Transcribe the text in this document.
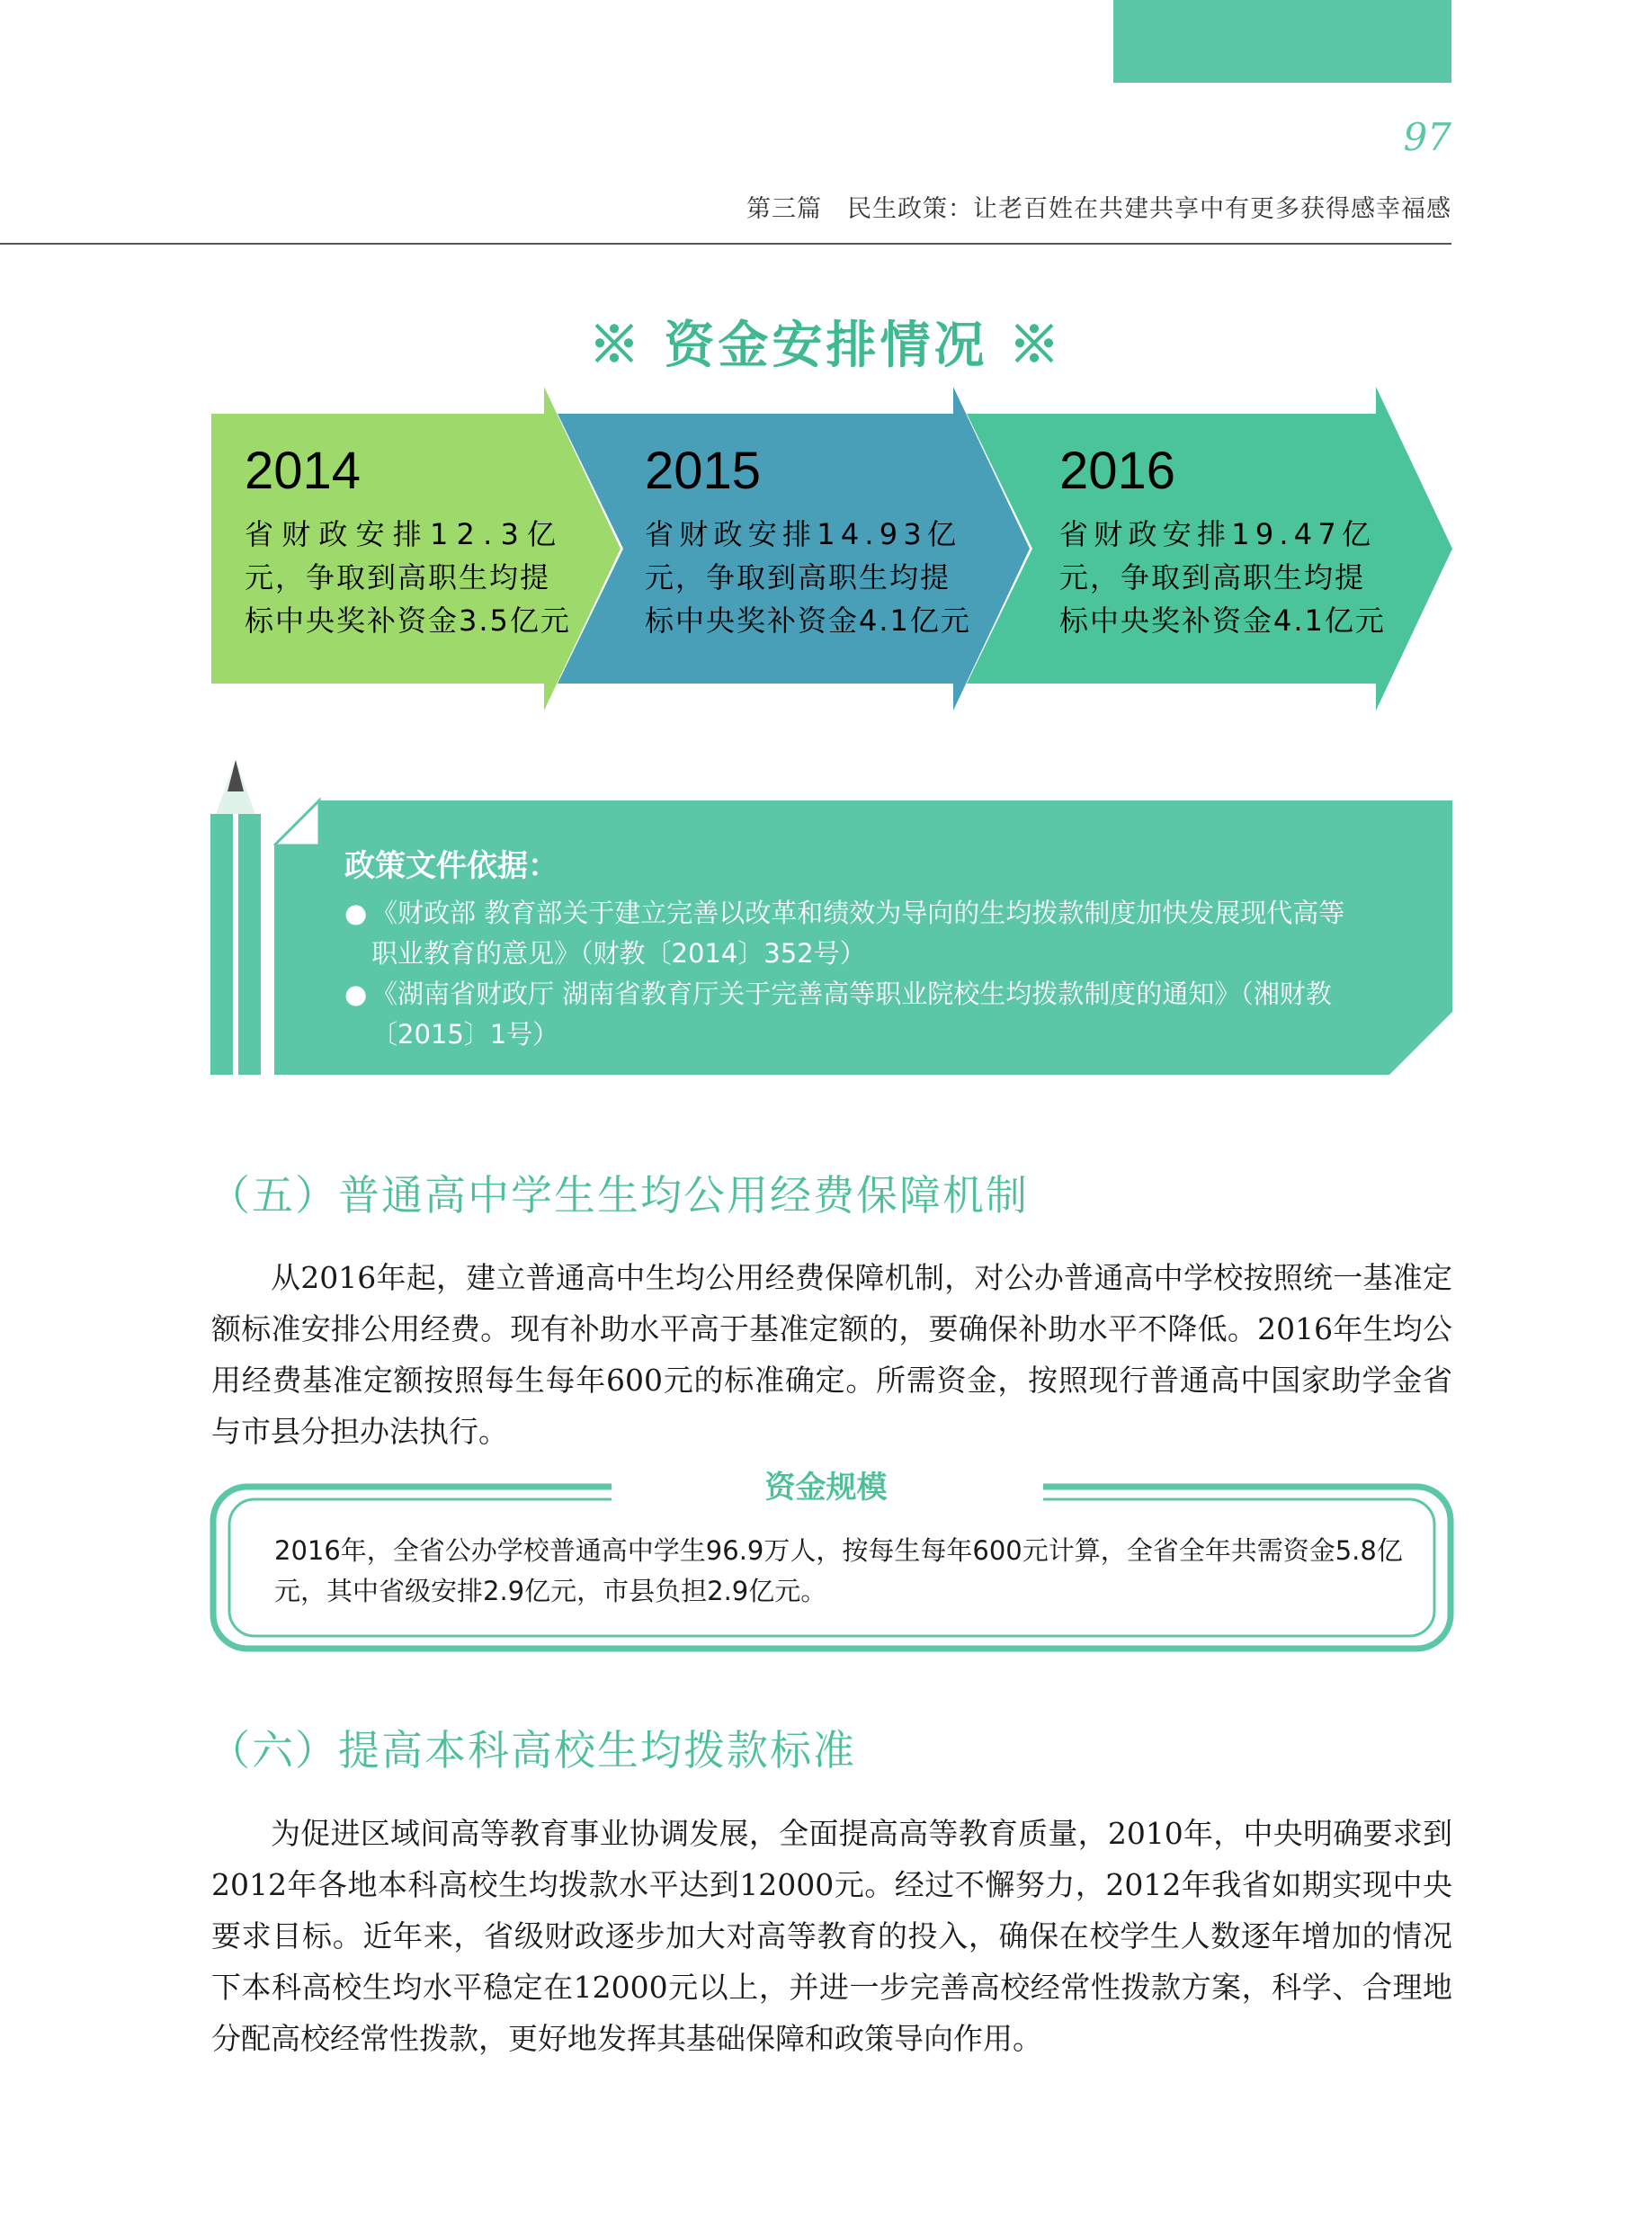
97
第三篇　民生政策：让老百姓在共建共享中有更多获得感幸福感
※ 资金安排情况 ※
2014
省财政安排12.3亿
元，争取到高职生均提
标中央奖补资金3.5亿元
2015
省财政安排14.93亿
元，争取到高职生均提
标中央奖补资金4.1亿元
2016
省财政安排19.47亿
元，争取到高职生均提
标中央奖补资金4.1亿元
政策文件依据：
● 《财政部 教育部关于建立完善以改革和绩效为导向的生均拨款制度加快发展现代高等
职业教育的意见》（财教〔2014〕352号）
● 《湖南省财政厅 湖南省教育厅关于完善高等职业院校生均拨款制度的通知》（湘财教
〔2015〕1号）
（五）普通高中学生生均公用经费保障机制
从2016年起，建立普通高中生均公用经费保障机制，对公办普通高中学校按照统一基准定额标准安排公用经费。现有补助水平高于基准定额的，要确保补助水平不降低。2016年生均公用经费基准定额按照每生每年600元的标准确定。所需资金，按照现行普通高中国家助学金省与市县分担办法执行。
资金规模
2016年，全省公办学校普通高中学生96.9万人，按每生每年600元计算，全省全年共需资金5.8亿元，其中省级安排2.9亿元，市县负担2.9亿元。
（六）提高本科高校生均拨款标准
为促进区域间高等教育事业协调发展，全面提高高等教育质量，2010年，中央明确要求到2012年各地本科高校生均拨款水平达到12000元。经过不懈努力，2012年我省如期实现中央要求目标。近年来，省级财政逐步加大对高等教育的投入，确保在校学生人数逐年增加的情况下本科高校生均水平稳定在12000元以上，并进一步完善高校经常性拨款方案，科学、合理地分配高校经常性拨款，更好地发挥其基础保障和政策导向作用。
